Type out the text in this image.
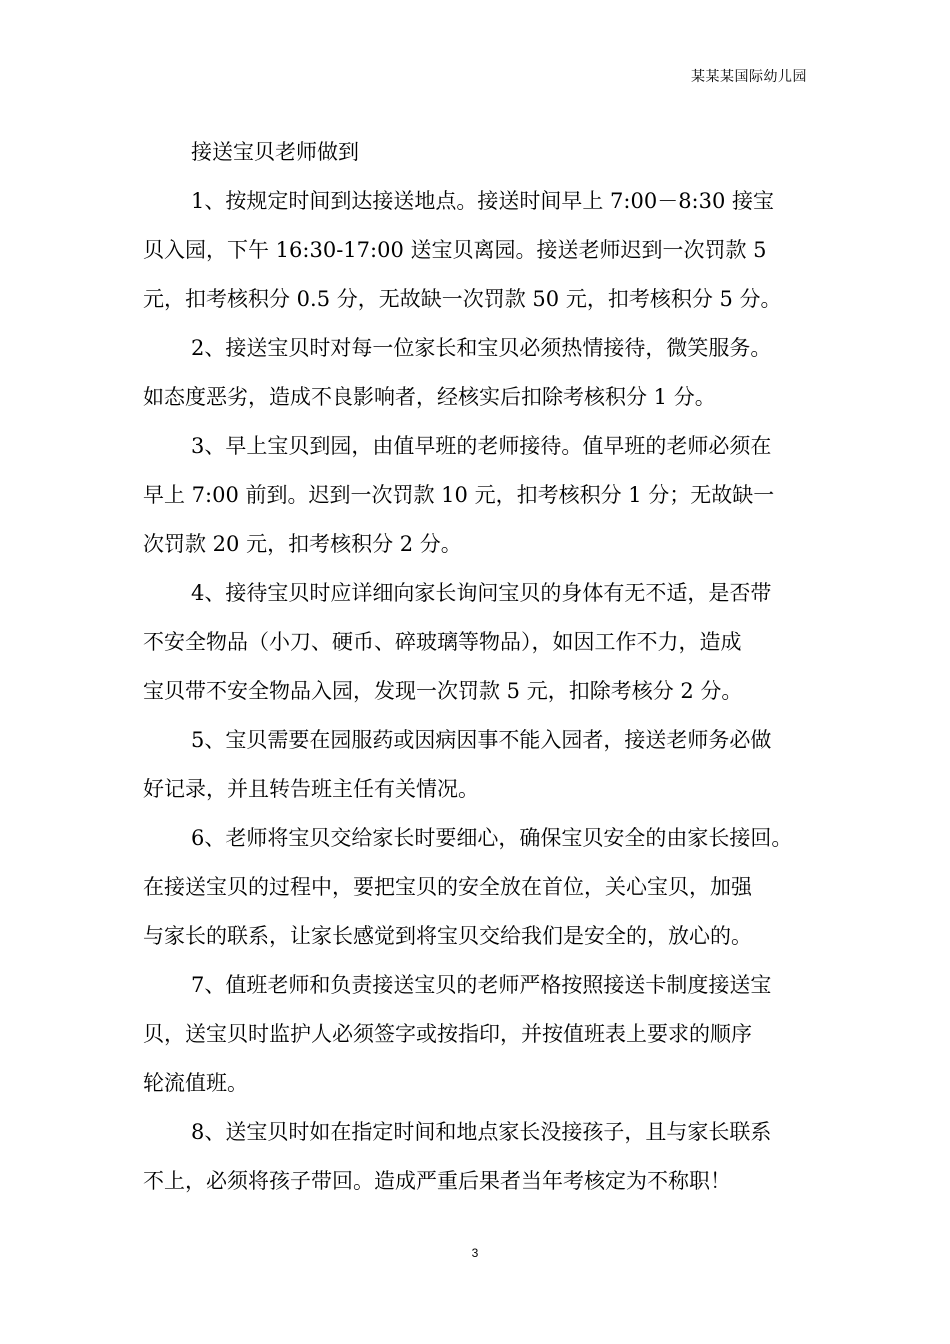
某某某国际幼儿园

接送宝贝老师做到

1、按规定时间到达接送地点。接送时间早上 7:00－8:30 接宝
贝入园，下午 16:30-17:00 送宝贝离园。接送老师迟到一次罚款 5
元，扣考核积分 0.5 分，无故缺一次罚款 50 元，扣考核积分 5 分。

2、接送宝贝时对每一位家长和宝贝必须热情接待，微笑服务。
如态度恶劣，造成不良影响者，经核实后扣除考核积分 1 分。

3、早上宝贝到园，由值早班的老师接待。值早班的老师必须在
早上 7:00 前到。迟到一次罚款 10 元，扣考核积分 1 分；无故缺一
次罚款 20 元，扣考核积分 2 分。

4、接待宝贝时应详细向家长询问宝贝的身体有无不适，是否带
不安全物品（小刀、硬币、碎玻璃等物品），如因工作不力，造成
宝贝带不安全物品入园，发现一次罚款 5 元，扣除考核分 2 分。

5、宝贝需要在园服药或因病因事不能入园者，接送老师务必做
好记录，并且转告班主任有关情况。

6、老师将宝贝交给家长时要细心，确保宝贝安全的由家长接回。
在接送宝贝的过程中，要把宝贝的安全放在首位，关心宝贝，加强
与家长的联系，让家长感觉到将宝贝交给我们是安全的，放心的。

7、值班老师和负责接送宝贝的老师严格按照接送卡制度接送宝
贝，送宝贝时监护人必须签字或按指印，并按值班表上要求的顺序
轮流值班。

8、送宝贝时如在指定时间和地点家长没接孩子，且与家长联系
不上，必须将孩子带回。造成严重后果者当年考核定为不称职！

3
